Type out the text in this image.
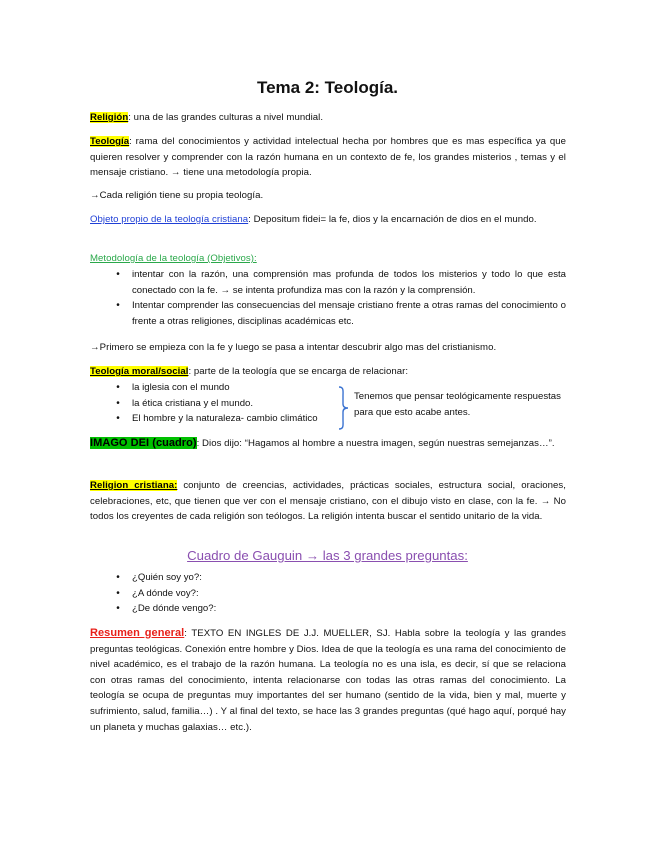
Tema 2: Teología.
Religión: una de las grandes culturas a nivel mundial.
Teología: rama del conocimientos y actividad intelectual hecha por hombres que es mas específica ya que quieren resolver y comprender con la razón humana en un contexto de fe, los grandes misterios , temas y el mensaje cristiano. → tiene una metodología propia.
→Cada religión tiene su propia teología.
Objeto propio de la teología cristiana: Depositum fidei= la fe, dios y la encarnación de dios en el mundo.
Metodología de la teología (Objetivos):
•	intentar con la razón, una comprensión mas profunda de todos los misterios y todo lo que esta conectado con la fe. → se intenta profundiza mas con la razón y la comprensión.
•	Intentar comprender las consecuencias del mensaje cristiano frente a otras ramas del conocimiento o frente a otras religiones, disciplinas académicas etc.
→Primero se empieza con la fe y luego se pasa a intentar descubrir algo mas del cristianismo.
Teología moral/social: parte de la teología que se encarga de relacionar:
•	la iglesia con el mundo
•	la ética cristiana y el mundo.
•	El hombre y la naturaleza- cambio climático
Tenemos que pensar teológicamente respuestas para que esto acabe antes.
IMAGO DEI (cuadro): Dios dijo: “Hagamos al hombre a nuestra imagen, según nuestras semejanzas…”.
Religion cristiana: conjunto de creencias, actividades, prácticas sociales, estructura social, oraciones, celebraciones, etc, que tienen que ver con el mensaje cristiano, con el dibujo visto en clase, con la fe. → No todos los creyentes de cada religión son teólogos. La religión intenta buscar el sentido unitario de la vida.
Cuadro de Gauguin → las 3 grandes preguntas:
•	¿Quién soy yo?:
•	¿A dónde voy?:
•	¿De dónde vengo?:
Resumen general: TEXTO EN INGLES DE J.J. MUELLER, SJ. Habla sobre la teología y las grandes preguntas teológicas. Conexión entre hombre y Dios. Idea de que la teología es una rama del conocimiento de nivel académico, es el trabajo de la razón humana. La teología no es una isla, es decir, sí que se relaciona con otras ramas del conocimiento, intenta relacionarse con todas las otras ramas del conocimiento. La teología se ocupa de preguntas muy importantes del ser humano (sentido de la vida, bien y mal, muerte y sufrimiento, salud, familia…) . Y al final del texto, se hace las 3 grandes preguntas (qué hago aquí, porqué hay un planeta y muchas galaxias… etc.).
